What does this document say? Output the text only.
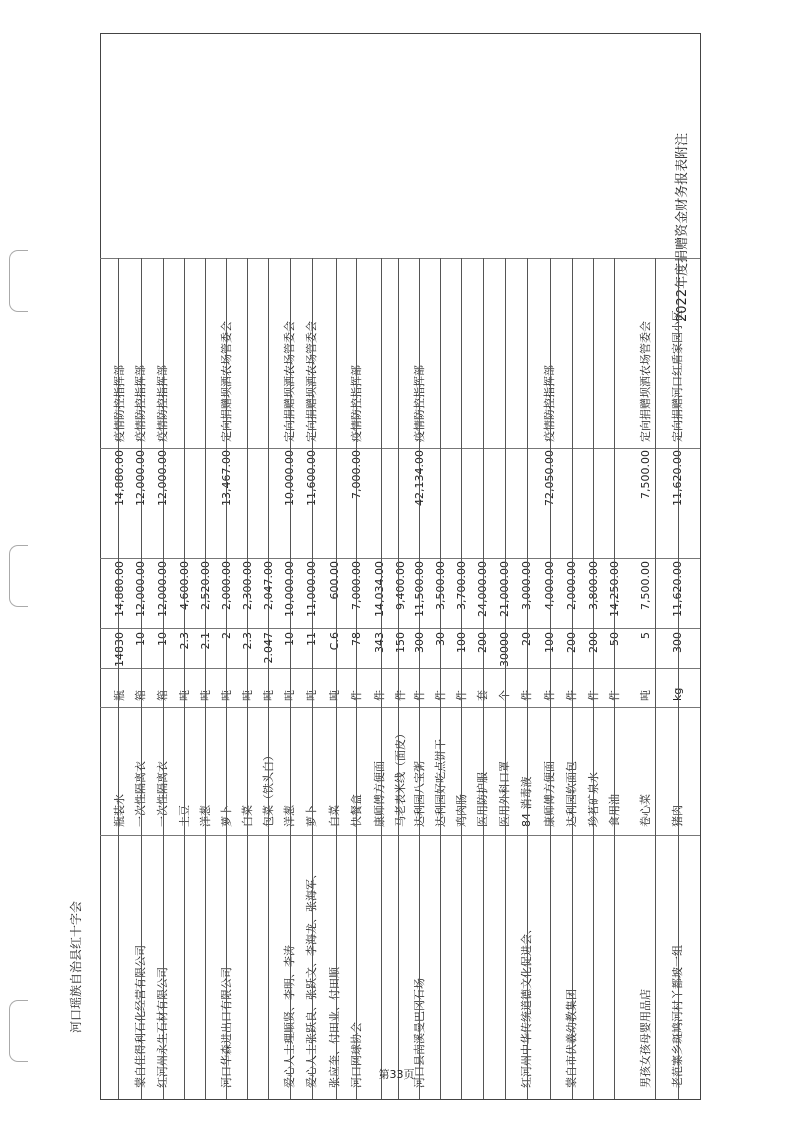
河口瑶族自治县红十字会
2022年度捐赠资金财务报表附注
瓶装水
瓶
14830
14,880.00
14,880.00
疫情防控指挥部
蒙自佳得利石化经营有限公司
一次性隔离衣
箱
10
12,000.00
12,000.00
疫情防控指挥部
红河州永生石材有限公司
一次性隔离衣
箱
10
12,000.00
12,000.00
疫情防控指挥部
土豆
吨
2.3
4,600.00
洋葱
吨
2.1
2,520.00
河口华森进出口有限公司
萝卜
吨
2
2,000.00
13,467.00
定向捐赠坝洒农场管委会
白菜
吨
2.3
2,300.00
包菜（铁头白）
吨
2.047
2,047.00
爱心人士理顺贤、李明、李涛
洋葱
吨
10
10,000.00
10,000.00
定向捐赠坝洒农场管委会
爱心人士张跃良、张跃文、李海龙、张海军、
萝卜
吨
11
11,000.00
11,600.00
定向捐赠坝洒农场管委会
张应奎、付田业、付田顺
白菜
吨
C.6
600.00
河口网球协会
快餐盒
件
78
7,000.00
7,000.00
疫情防控指挥部
康师傅方便面
件
343
14,034.00
马老表米线（面皮）
件
150
9,400.00
河口县南溪曼巴冈石场
达利园八宝粥
件
300
11,500.00
42,134.00
疫情防控指挥部
达利园好吃点饼干
件
30
3,500.00
鸡肉肠
件
100
3,700.00
医用防护服
套
200
24,000.00
医用外科口罩
个
30000
21,000.00
红河州中华传统道德文化促进会、
84 消毒液
件
20
3,000.00
康师傅方便面
件
100
4,000.00
72,050.00
疫情防控指挥部
蒙自市伏羲幼教集团
达利园软面包
件
200
2,000.00
珍茗矿泉水
件
200
3,800.00
食用油
件
50
14,250.00
男孩女孩母婴用品店
卷心菜
吨
5
7,500.00
7,500.00
定向捐赠坝洒农场管委会
老范寨乡斑鸠河村丫都坡一组
猪肉
kg
300
11,620.00
11,620.00
定向捐赠河口红盾家园小区
第33页
